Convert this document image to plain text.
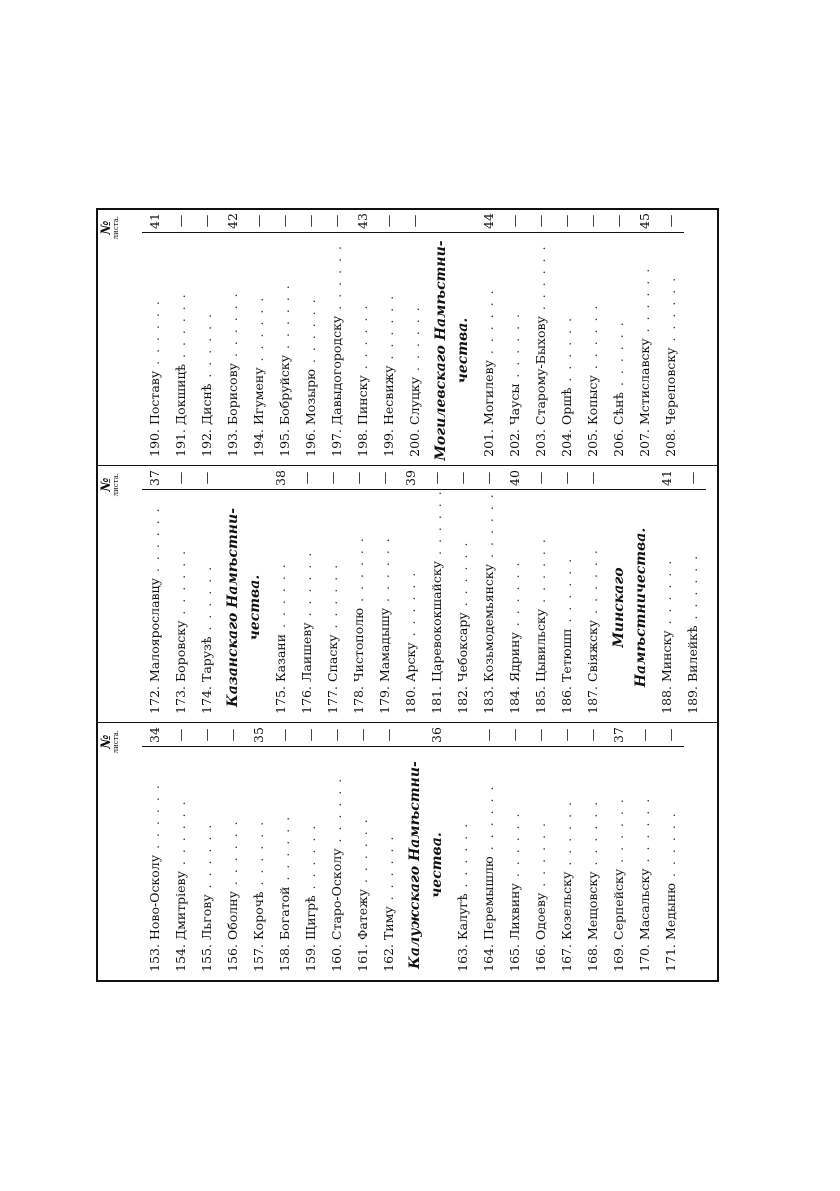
№
листа.
153.Ново-Осколу . . . . . .
34
154.Дмитріеву . . . . . .
—
155.Льгову . . . . . .
—
156.Оболну . . . . . .
—
157.Корочѣ . . . . . .
35
158.Богатой . . . . . .
—
159.Щигрѣ . . . . . .
—
160.Старо-Осколу . . . . . .
—
161.Фатежу . . . . . .
—
162.Тиму . . . . . .
—
Калужскаго Намѣстни-чества.
36
163.Калугѣ . . . . . .
164.Перемышлю . . . . . .
—
165.Лихвину . . . . . .
—
166.Одоеву . . . . . .
—
167.Козельску . . . . . .
—
168.Мещовску . . . . . .
—
169.Серпейску . . . . . .
37
170.Масальску . . . . . .
—
171.Медыню . . . . . .
—
№
листа.
172.Малоярославцу . . . . . .
37
173.Боровску . . . . . .
—
174.Тарузѣ . . . . . .
—
Казанскаго Намѣстни-чества.
175.Казани . . . . . .
38
176.Лаишеву . . . . . .
—
177.Спаску . . . . . .
—
178.Чистополю . . . . . .
—
179.Мамадышу . . . . . .
—
180.Арску . . . . . .
39
181.Царевококшайску . . . . . .
—
182.Чебоксару . . . . . .
—
183.Козьмодемьянску . . . . . .
—
184.Ядрину . . . . . .
40
185.Цывильску . . . . . .
—
186.Тетюшп . . . . . .
—
187.Свіяжску . . . . . .
—
Минскаго Намѣстничества.
188.Минску . . . . . .
41
189.Вилейкѣ . . . . . .
—
№
листа.
190.Поставу . . . . . .
41
191.Докшицѣ . . . . . .
—
192.Диснѣ . . . . . .
—
193.Борисову . . . . . .
42
194.Игумену . . . . . .
—
195.Бобруйску . . . . . .
—
196.Мозырю . . . . . .
—
197.Давыдогородску . . . . . .
—
198.Пинску . . . . . .
43
199.Несвижу . . . . . .
—
200.Слуцку . . . . . .
—
Могилевскаго Намѣстни-чества.
201.Могилеву . . . . . .
44
202.Чаусы . . . . . .
—
203.Старому-Быхову . . . . . .
—
204.Оршѣ . . . . . .
—
205.Копысу . . . . . .
—
206.Сѣнѣ . . . . . .
—
207.Мстиславску . . . . . .
45
208.Череповску . . . . . .
—
